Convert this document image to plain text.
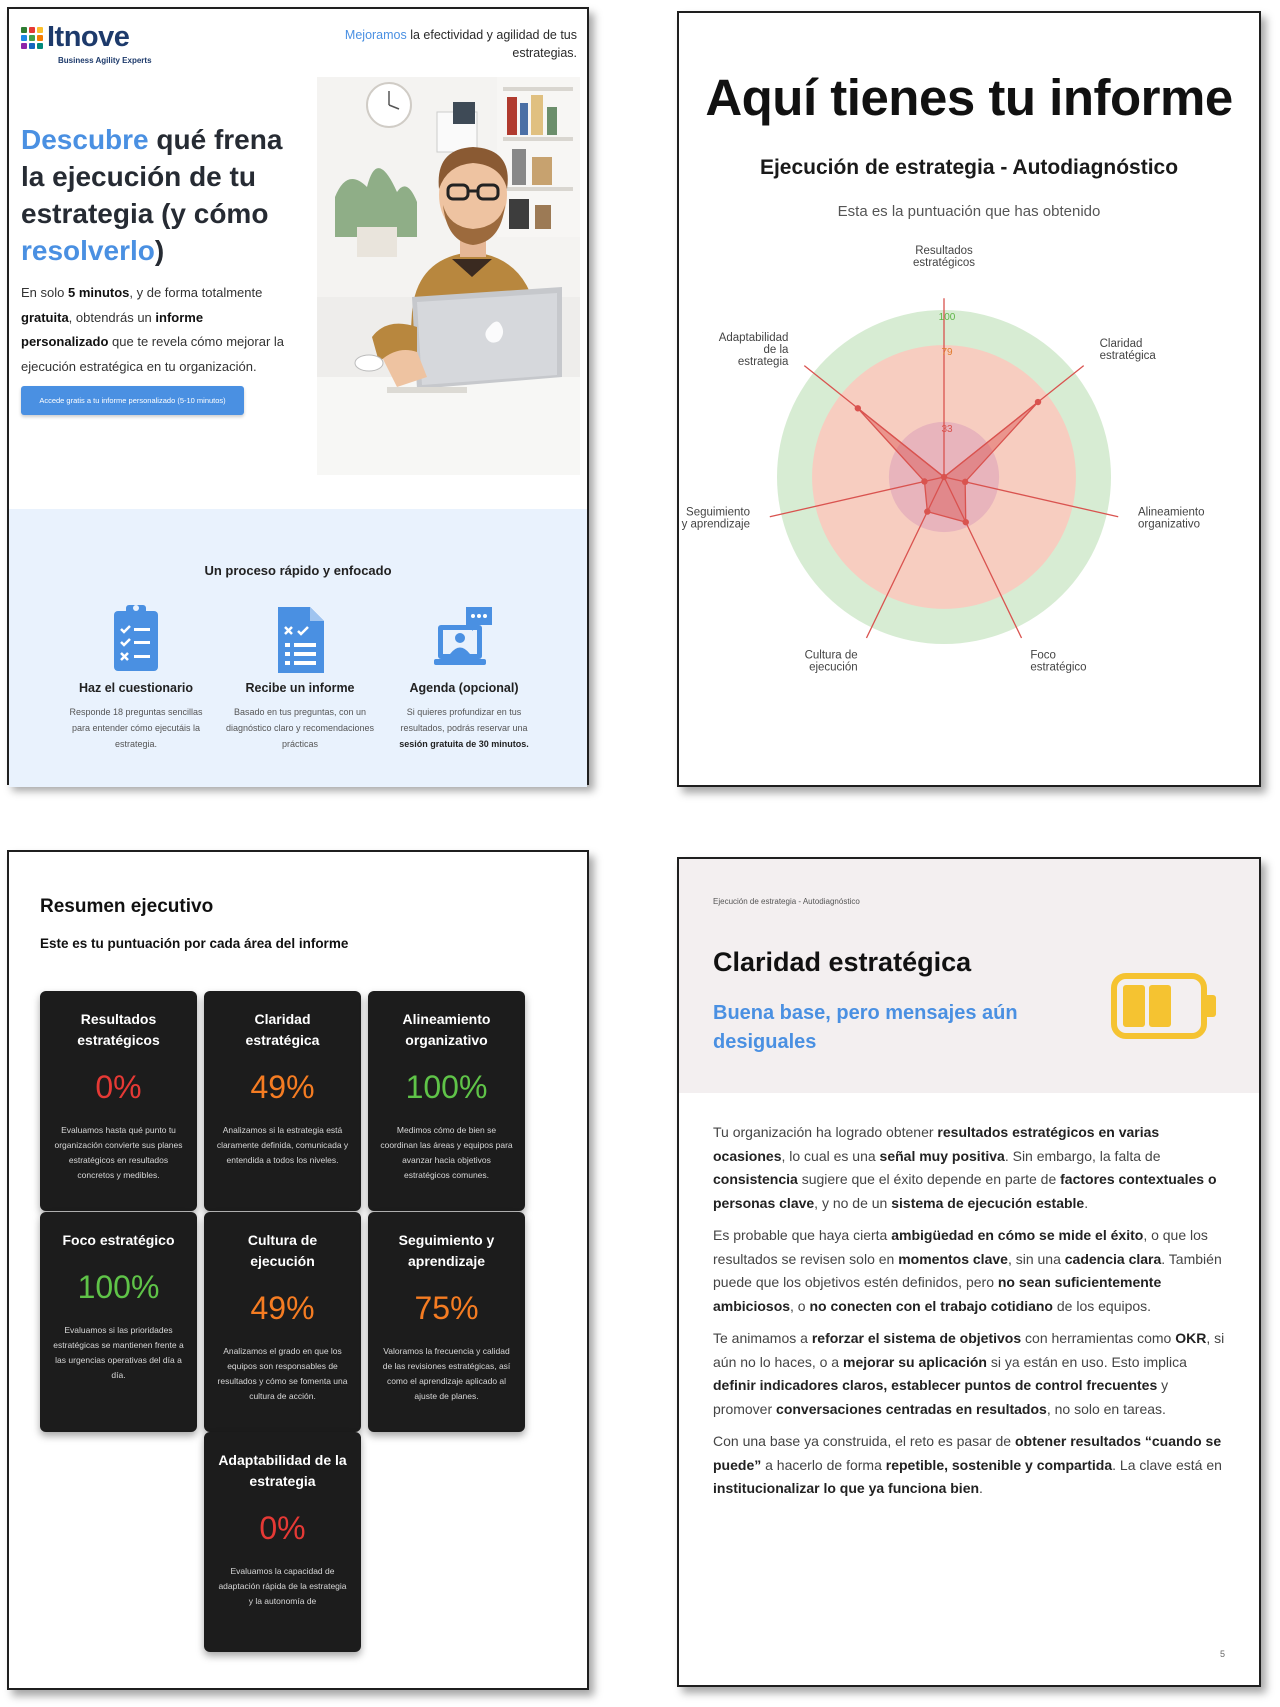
Itnove
Business Agility Experts
Mejoramos la efectividad y agilidad de tus estrategias.
Descubre qué frena la ejecución de tu estrategia (y cómo resolverlo)

En solo 5 minutos, y de forma totalmente gratuita, obtendrás un informe personalizado que te revela cómo mejorar la ejecución estratégica en tu organización.

Accede gratis a tu informe personalizado (5-10 minutos)
Un proceso rápido y enfocado
Haz el cuestionario
Responde 18 preguntas sencillas para entender cómo ejecutáis la estrategia.
Recibe un informe
Basado en tus preguntas, con un diagnóstico claro y recomendaciones prácticas
Agenda (opcional)
Si quieres profundizar en tus resultados, podrás reservar una sesión gratuita de 30 minutos.
Aquí tienes tu informe
Ejecución de estrategia - Autodiagnóstico
Esta es la puntuación que has obtenido
33
79
100
Resultados estratégicos
Claridad estratégica
Alineamiento organizativo
Foco estratégico
Cultura de ejecución
Seguimiento y aprendizaje
Adaptabilidad de la estrategia
Resumen ejecutivo
Este es tu puntuación por cada área del informe
Resultados estratégicos
0%
Evaluamos hasta qué punto tu organización convierte sus planes estratégicos en resultados concretos y medibles.
Claridad estratégica
49%
Analizamos si la estrategia está claramente definida, comunicada y entendida a todos los niveles.
Alineamiento organizativo
100%
Medimos cómo de bien se coordinan las áreas y equipos para avanzar hacia objetivos estratégicos comunes.
Foco estratégico
100%
Evaluamos si las prioridades estratégicas se mantienen frente a las urgencias operativas del día a día.
Cultura de ejecución
49%
Analizamos el grado en que los equipos son responsables de resultados y cómo se fomenta una cultura de acción.
Seguimiento y aprendizaje
75%
Valoramos la frecuencia y calidad de las revisiones estratégicas, así como el aprendizaje aplicado al ajuste de planes.
Adaptabilidad de la estrategia
0%
Evaluamos la capacidad de adaptación rápida de la estrategia y la autonomía de
Ejecución de estrategia - Autodiagnóstico
Claridad estratégica
Buena base, pero mensajes aún desiguales

Tu organización ha logrado obtener resultados estratégicos en varias ocasiones, lo cual es una señal muy positiva. Sin embargo, la falta de consistencia sugiere que el éxito depende en parte de factores contextuales o personas clave, y no de un sistema de ejecución estable.

Es probable que haya cierta ambigüedad en cómo se mide el éxito, o que los resultados se revisen solo en momentos clave, sin una cadencia clara. También puede que los objetivos estén definidos, pero no sean suficientemente ambiciosos, o no conecten con el trabajo cotidiano de los equipos.

Te animamos a reforzar el sistema de objetivos con herramientas como OKR, si aún no lo haces, o a mejorar su aplicación si ya están en uso. Esto implica definir indicadores claros, establecer puntos de control frecuentes y promover conversaciones centradas en resultados, no solo en tareas.

Con una base ya construida, el reto es pasar de obtener resultados “cuando se puede” a hacerlo de forma repetible, sostenible y compartida. La clave está en institucionalizar lo que ya funciona bien.

5
